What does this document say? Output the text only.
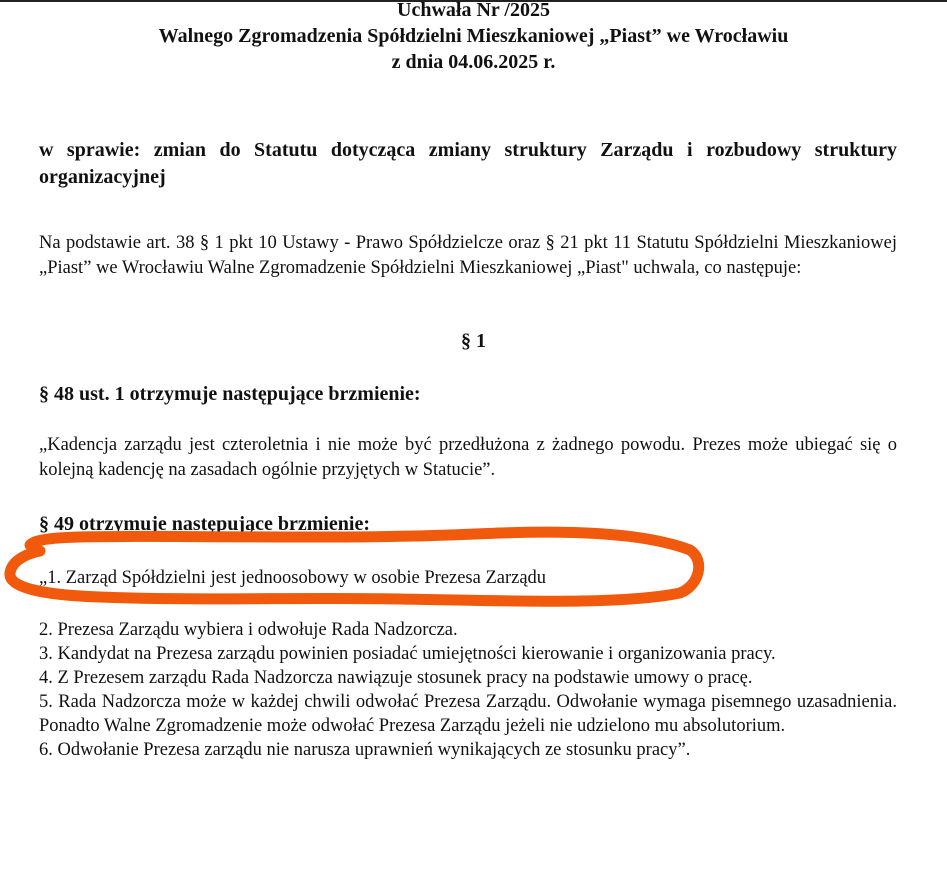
Uchwała Nr /2025
Walnego Zgromadzenia Spółdzielni Mieszkaniowej „Piast” we Wrocławiu
z dnia 04.06.2025 r.
w sprawie: zmian do Statutu dotycząca zmiany struktury Zarządu i rozbudowy struktury organizacyjnej
Na podstawie art. 38 § 1 pkt 10 Ustawy - Prawo Spółdzielcze oraz § 21 pkt 11 Statutu Spółdzielni Mieszkaniowej „Piast” we Wrocławiu Walne Zgromadzenie Spółdzielni Mieszkaniowej „Piast" uchwala, co następuje:
§ 1
§ 48 ust. 1 otrzymuje następujące brzmienie:
„Kadencja zarządu jest czteroletnia i nie może być przedłużona z żadnego powodu. Prezes może ubiegać się o kolejną kadencję na zasadach ogólnie przyjętych w Statucie”.
§ 49 otrzymuje następujące brzmienie:
„1. Zarząd Spółdzielni jest jednoosobowy w osobie Prezesa Zarządu
2. Prezesa Zarządu wybiera i odwołuje Rada Nadzorcza.
3. Kandydat na Prezesa zarządu powinien posiadać umiejętności kierowanie i organizowania pracy.
4. Z Prezesem zarządu Rada Nadzorcza nawiązuje stosunek pracy na podstawie umowy o pracę.
5. Rada Nadzorcza może w każdej chwili odwołać Prezesa Zarządu. Odwołanie wymaga pisemnego uzasadnienia. Ponadto Walne Zgromadzenie może odwołać Prezesa Zarządu jeżeli nie udzielono mu absolutorium.
6. Odwołanie Prezesa zarządu nie narusza uprawnień wynikających ze stosunku pracy”.
